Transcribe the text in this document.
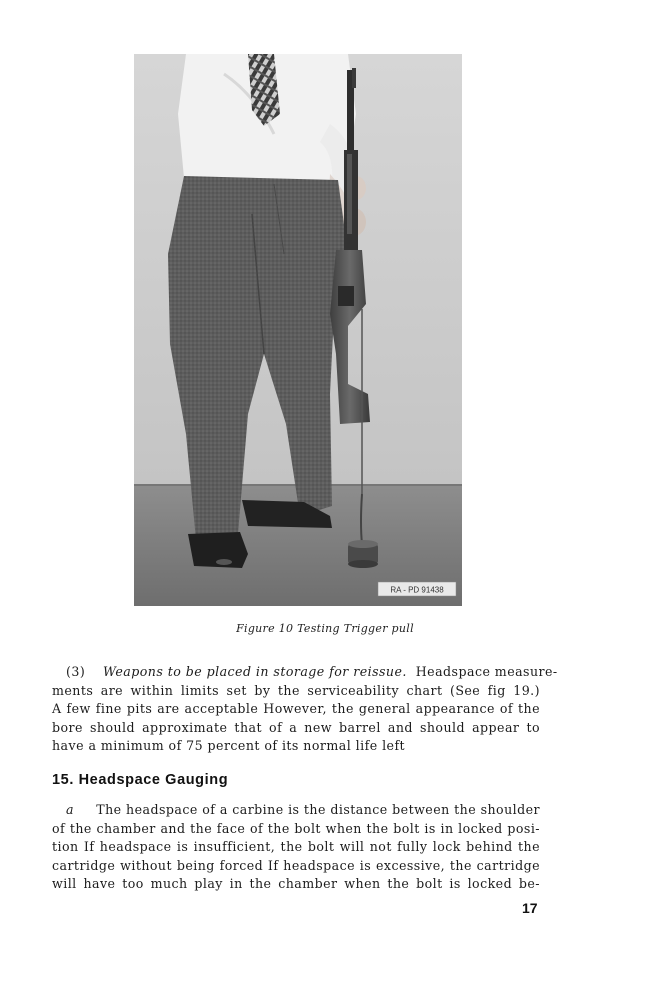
RA - PD 91438
Figure 10 Testing Trigger pull
(3) Weapons to be placed in storage for reissue. Headspace measure-
ments are within limits set by the serviceability chart (See fig 19.)
A few fine pits are acceptable However, the general appearance of the
bore should approximate that of a new barrel and should appear to
have a minimum of 75 percent of its normal life left
15. Headspace Gauging
a The headspace of a carbine is the distance between the shoulder
of the chamber and the face of the bolt when the bolt is in locked posi-
tion If headspace is insufficient, the bolt will not fully lock behind the
cartridge without being forced If headspace is excessive, the cartridge
will have too much play in the chamber when the bolt is locked be-
17
